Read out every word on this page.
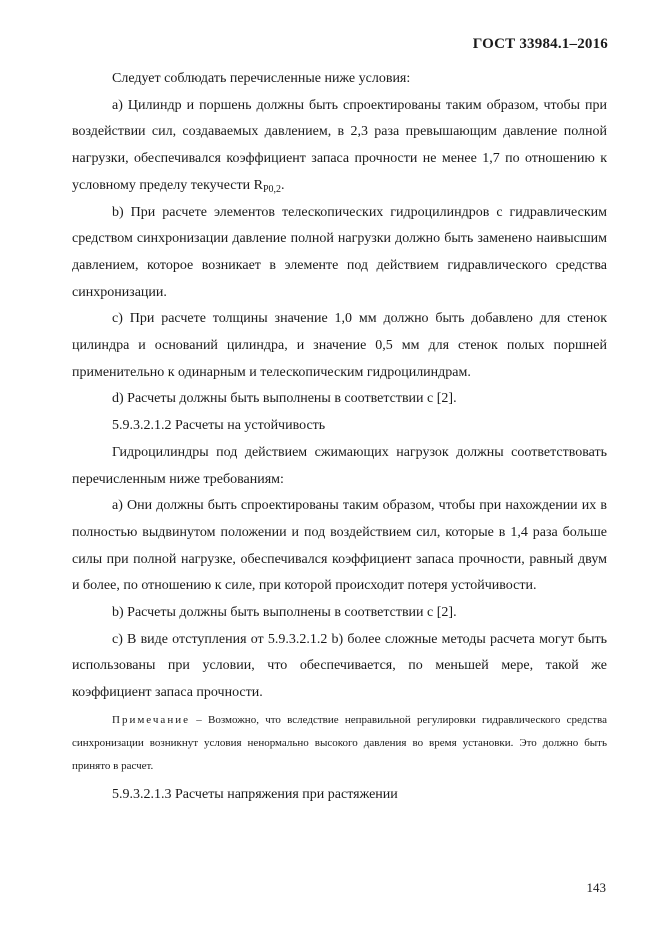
ГОСТ 33984.1–2016

Следует соблюдать перечисленные ниже условия:

а) Цилиндр и поршень должны быть спроектированы таким образом, чтобы при воздействии сил, создаваемых давлением, в 2,3 раза превышающим давление полной нагрузки, обеспечивался коэффициент запаса прочности не менее 1,7 по отношению к условному пределу текучести $R_{P0,2}$.

b) При расчете элементов телескопических гидроцилиндров с гидравлическим средством синхронизации давление полной нагрузки должно быть заменено наивысшим давлением, которое возникает в элементе под действием гидравлического средства синхронизации.

с) При расчете толщины значение 1,0 мм должно быть добавлено для стенок цилиндра и оснований цилиндра, и значение 0,5 мм для стенок полых поршней применительно к одинарным и телескопическим гидроцилиндрам.

d) Расчеты должны быть выполнены в соответствии с [2].

5.9.3.2.1.2 Расчеты на устойчивость

Гидроцилиндры под действием сжимающих нагрузок должны соответствовать перечисленным ниже требованиям:

а) Они должны быть спроектированы таким образом, чтобы при нахождении их в полностью выдвинутом положении и под воздействием сил, которые в 1,4 раза больше силы при полной нагрузке, обеспечивался коэффициент запаса прочности, равный двум и более, по отношению к силе, при которой происходит потеря устойчивости.

b) Расчеты должны быть выполнены в соответствии с [2].

с) В виде отступления от 5.9.3.2.1.2 b) более сложные методы расчета могут быть использованы при условии, что обеспечивается, по меньшей мере, такой же коэффициент запаса прочности.

Примечание – Возможно, что вследствие неправильной регулировки гидравлического средства синхронизации возникнут условия ненормально высокого давления во время установки. Это должно быть принято в расчет.

5.9.3.2.1.3 Расчеты напряжения при растяжении

143
